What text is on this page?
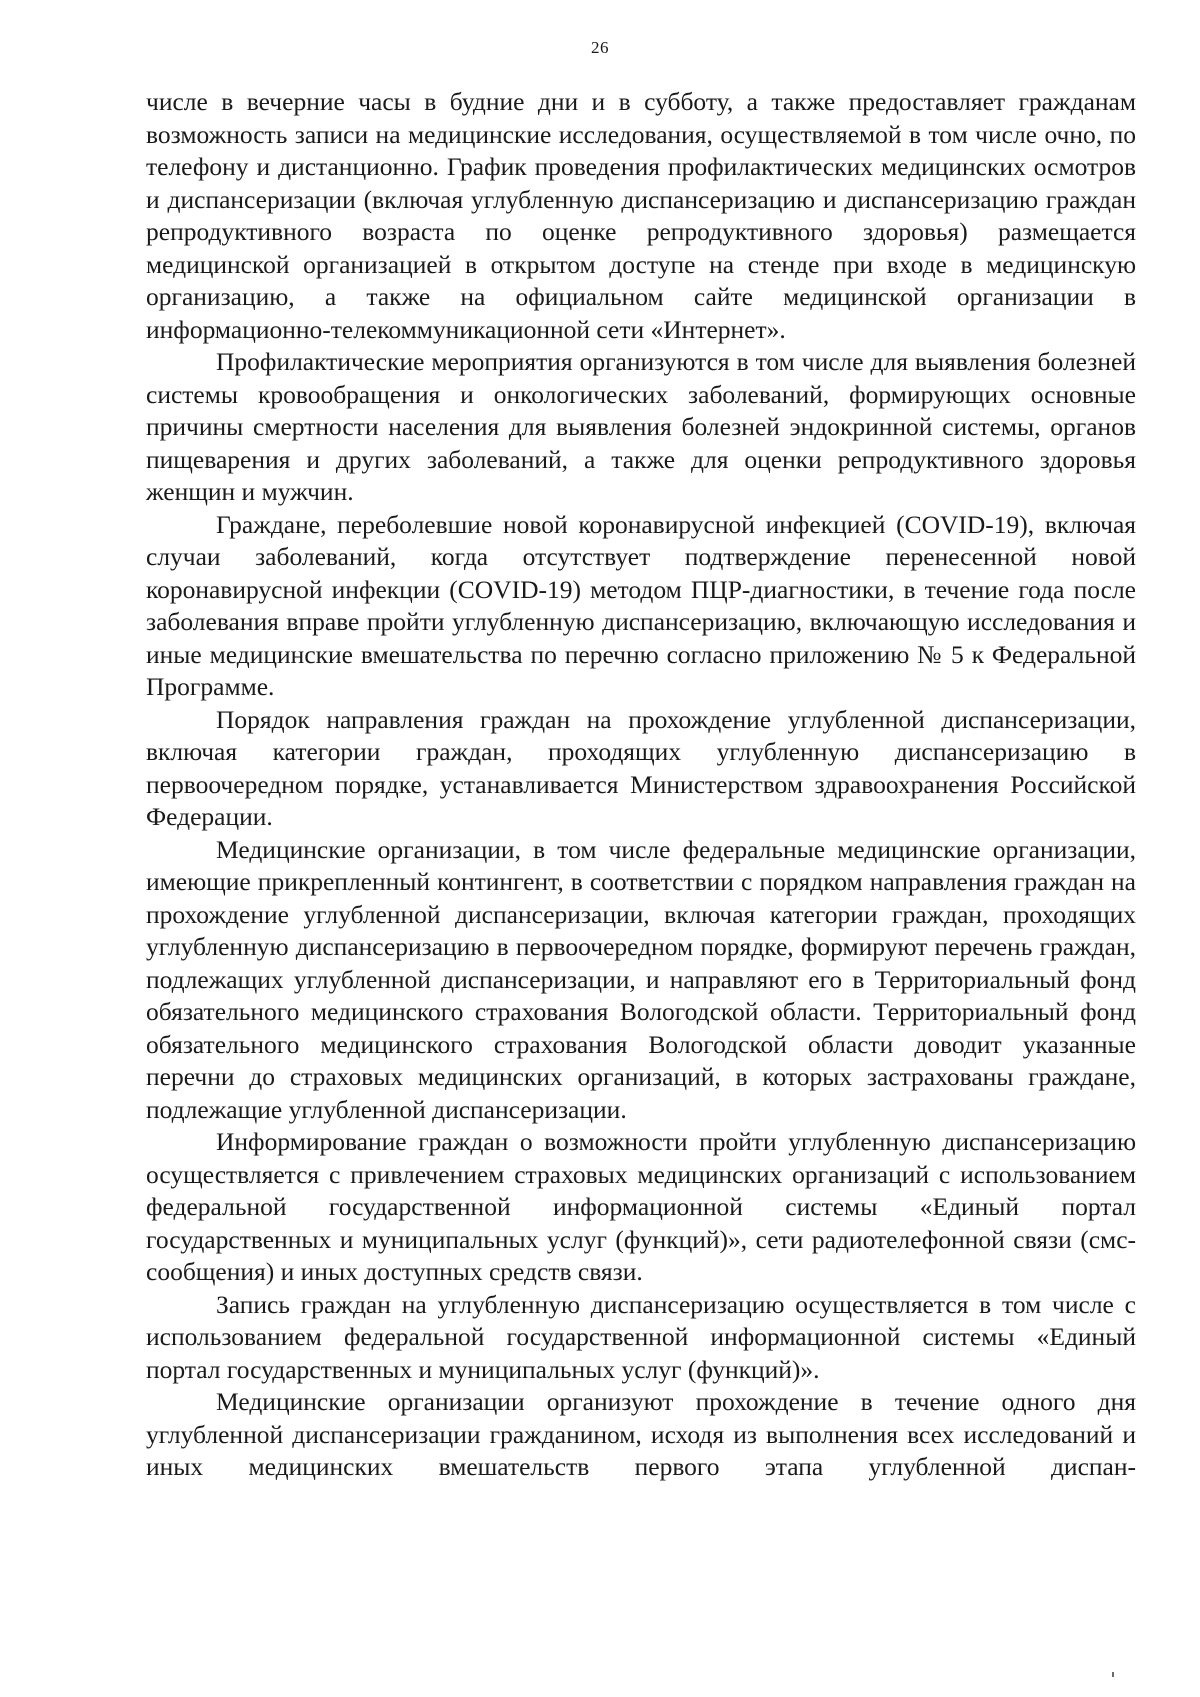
26

числе в вечерние часы в будние дни и в субботу, а также предоставляет гражданам возможность записи на медицинские исследования, осуществляемой в том числе очно, по телефону и дистанционно. График проведения профилактических медицинских осмотров и диспансеризации (включая углубленную диспансеризацию и диспансеризацию граждан репродуктивного возраста по оценке репродуктивного здоровья) размещается медицинской организацией в открытом доступе на стенде при входе в медицинскую организацию, а также на официальном сайте медицинской организации в информационно-телекоммуникационной сети «Интернет».

Профилактические мероприятия организуются в том числе для выявления болезней системы кровообращения и онкологических заболеваний, формирующих основные причины смертности населения для выявления болезней эндокринной системы, органов пищеварения и других заболеваний, а также для оценки репродуктивного здоровья женщин и мужчин.

Граждане, переболевшие новой коронавирусной инфекцией (COVID-19), включая случаи заболеваний, когда отсутствует подтверждение перенесенной новой коронавирусной инфекции (COVID-19) методом ПЦР-диагностики, в течение года после заболевания вправе пройти углубленную диспансеризацию, включающую исследования и иные медицинские вмешательства по перечню согласно приложению № 5 к Федеральной Программе.

Порядок направления граждан на прохождение углубленной диспансеризации, включая категории граждан, проходящих углубленную диспансеризацию в первоочередном порядке, устанавливается Министерством здравоохранения Российской Федерации.

Медицинские организации, в том числе федеральные медицинские организации, имеющие прикрепленный контингент, в соответствии с порядком направления граждан на прохождение углубленной диспансеризации, включая категории граждан, проходящих углубленную диспансеризацию в первоочередном порядке, формируют перечень граждан, подлежащих углубленной диспансеризации, и направляют его в Территориальный фонд обязательного медицинского страхования Вологодской области. Территориальный фонд обязательного медицинского страхования Вологодской области доводит указанные перечни до страховых медицинских организаций, в которых застрахованы граждане, подлежащие углубленной диспансеризации.

Информирование граждан о возможности пройти углубленную диспансеризацию осуществляется с привлечением страховых медицинских организаций с использованием федеральной государственной информационной системы «Единый портал государственных и муниципальных услуг (функций)», сети радиотелефонной связи (смс-сообщения) и иных доступных средств связи.

Запись граждан на углубленную диспансеризацию осуществляется в том числе с использованием федеральной государственной информационной системы «Единый портал государственных и муниципальных услуг (функций)».

Медицинские организации организуют прохождение в течение одного дня углубленной диспансеризации гражданином, исходя из выполнения всех исследований и иных медицинских вмешательств первого этапа углубленной диспан-
